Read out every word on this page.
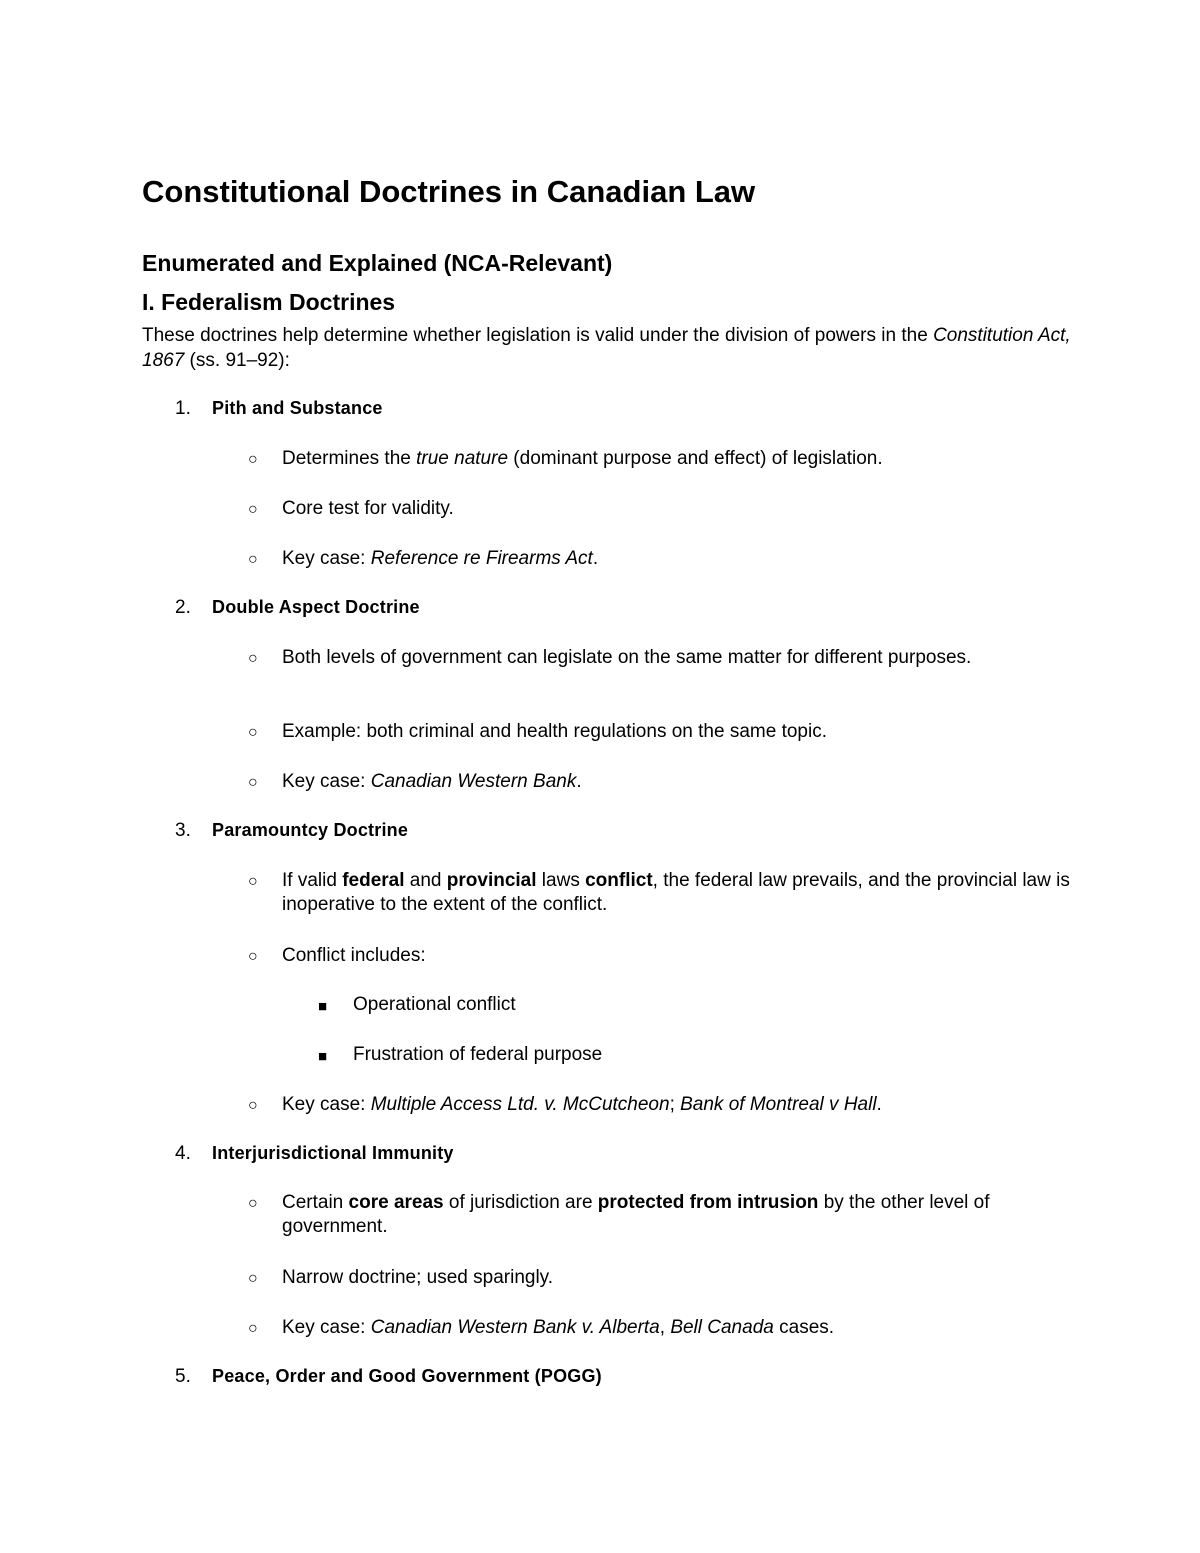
Constitutional Doctrines in Canadian Law
Enumerated and Explained (NCA-Relevant)
I. Federalism Doctrines

These doctrines help determine whether legislation is valid under the division of powers in the Constitution Act, 1867 (ss. 91–92):

1. Pith and Substance
○ Determines the true nature (dominant purpose and effect) of legislation.
○ Core test for validity.
○ Key case: Reference re Firearms Act.
2. Double Aspect Doctrine
○ Both levels of government can legislate on the same matter for different purposes.
○ Example: both criminal and health regulations on the same topic.
○ Key case: Canadian Western Bank.
3. Paramountcy Doctrine
○ If valid federal and provincial laws conflict, the federal law prevails, and the provincial law is inoperative to the extent of the conflict.
○ Conflict includes:
■ Operational conflict
■ Frustration of federal purpose
○ Key case: Multiple Access Ltd. v. McCutcheon; Bank of Montreal v Hall.
4. Interjurisdictional Immunity
○ Certain core areas of jurisdiction are protected from intrusion by the other level of government.
○ Narrow doctrine; used sparingly.
○ Key case: Canadian Western Bank v. Alberta, Bell Canada cases.
5. Peace, Order and Good Government (POGG)
